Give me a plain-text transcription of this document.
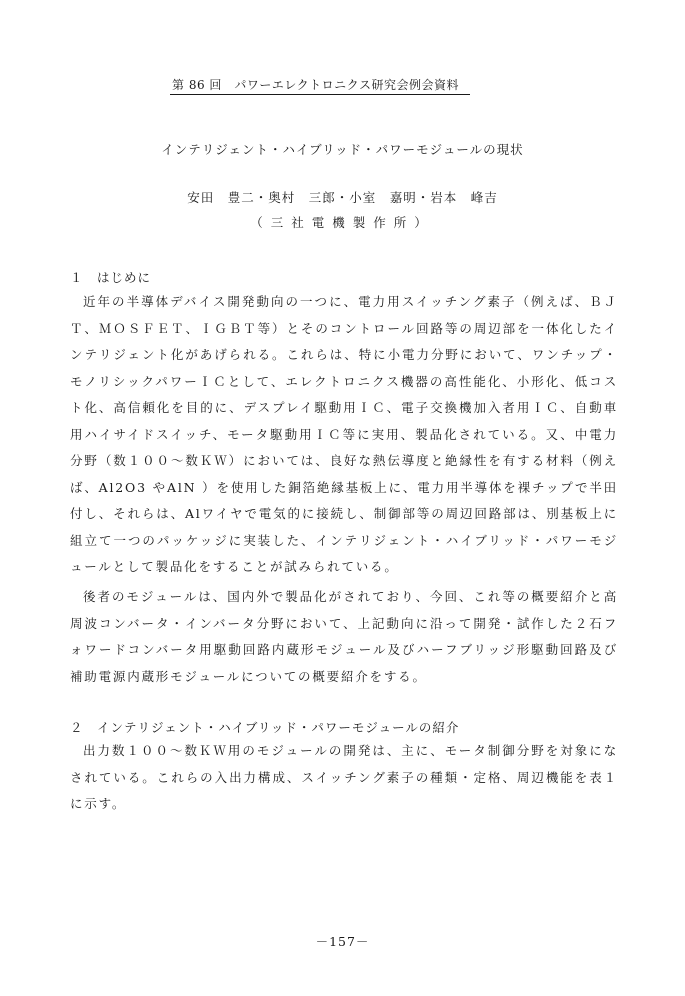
第 86 回　パワーエレクトロニクス研究会例会資料
インテリジェント・ハイブリッド・パワーモジュールの現状
安田　豊二・奥村　三郎・小室　嘉明・岩本　峰吉
（三社電機製作所）
１　はじめに

近年の半導体デバイス開発動向の一つに、電力用スイッチング素子（例えば、ＢＪＴ、ＭＯＳＦＥＴ、ＩＧＢＴ等）とそのコントロール回路等の周辺部を一体化したインテリジェント化があげられる。これらは、特に小電力分野において、ワンチップ・モノリシックパワーＩＣとして、エレクトロニクス機器の高性能化、小形化、低コスト化、高信頼化を目的に、デスプレイ駆動用ＩＣ、電子交換機加入者用ＩＣ、自動車用ハイサイドスイッチ、モータ駆動用ＩＣ等に実用、製品化されている。又、中電力分野（数１００～数ＫＷ）においては、良好な熱伝導度と絶縁性を有する材料（例えば、Al2O3 やAlN ）を使用した銅箔絶縁基板上に、電力用半導体を裸チップで半田付し、それらは、Alワイヤで電気的に接続し、制御部等の周辺回路部は、別基板上に組立て一つのパッケッジに実装した、インテリジェント・ハイブリッド・パワーモジュールとして製品化をすることが試みられている。

後者のモジュールは、国内外で製品化がされており、今回、これ等の概要紹介と高周波コンバータ・インバータ分野において、上記動向に沿って開発・試作した２石フォワードコンバータ用駆動回路内蔵形モジュール及びハーフブリッジ形駆動回路及び補助電源内蔵形モジュールについての概要紹介をする。

２　インテリジェント・ハイブリッド・パワーモジュールの紹介

出力数１００～数ＫＷ用のモジュールの開発は、主に、モータ制御分野を対象になされている。これらの入出力構成、スイッチング素子の種類・定格、周辺機能を表１に示す。

－157－
